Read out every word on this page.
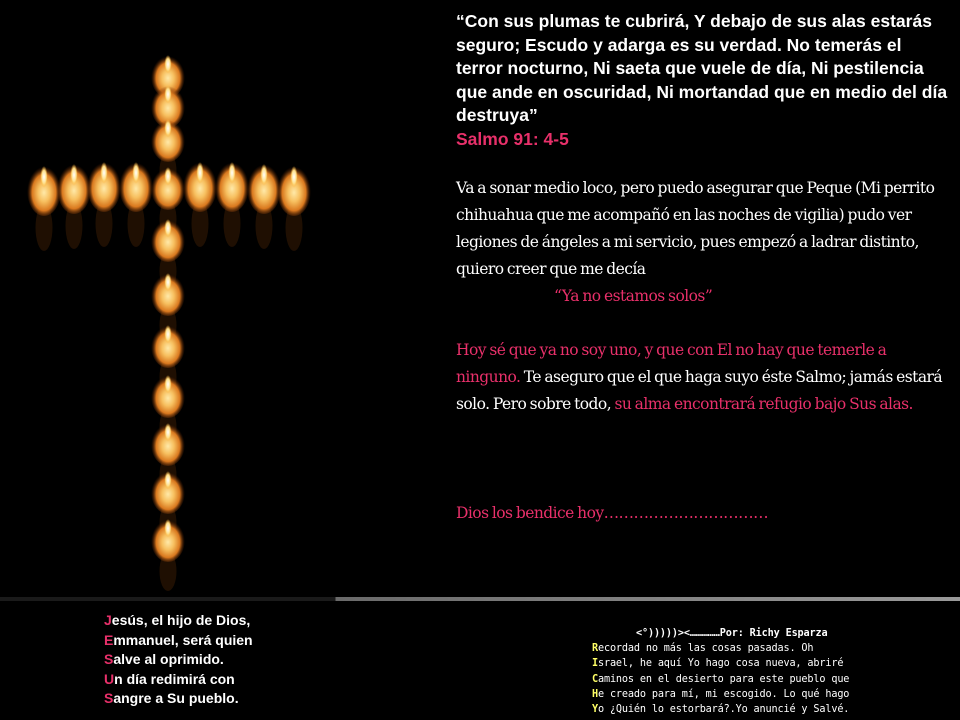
“Con sus plumas te cubrirá, Y debajo de sus alas estarás seguro; Escudo y adarga es su verdad. No temerás el terror nocturno, Ni saeta que vuele de día, Ni pestilencia que ande en oscuridad, Ni mortandad que en medio del día destruya”

Salmo 91: 4-5

Va a sonar medio loco, pero puedo asegurar que Peque (Mi perrito chihuahua que me acompañó en las noches de vigilia) pudo ver legiones de ángeles a mi servicio, pues empezó a ladrar distinto, quiero creer que me decía

“Ya no estamos solos”

Hoy sé que ya no soy uno, y que con El no hay que temerle a ninguno. Te aseguro que el que haga suyo éste Salmo; jamás estará solo. Pero sobre todo, su alma encontrará refugio bajo Sus alas.

Dios los bendice hoy……………………………

Jesús, el hijo de Dios,
Emmanuel, será quien
Salve al oprimido.
Un día redimirá con
Sangre a Su pueblo.
<°)))))><……………Por: Richy Esparza
Recordad no más las cosas pasadas. Oh
Israel, he aquí Yo hago cosa nueva, abriré
Caminos en el desierto para este pueblo que
He creado para mí, mi escogido. Lo qué hago
Yo ¿Quién lo estorbará?.Yo anuncié y Salvé.
